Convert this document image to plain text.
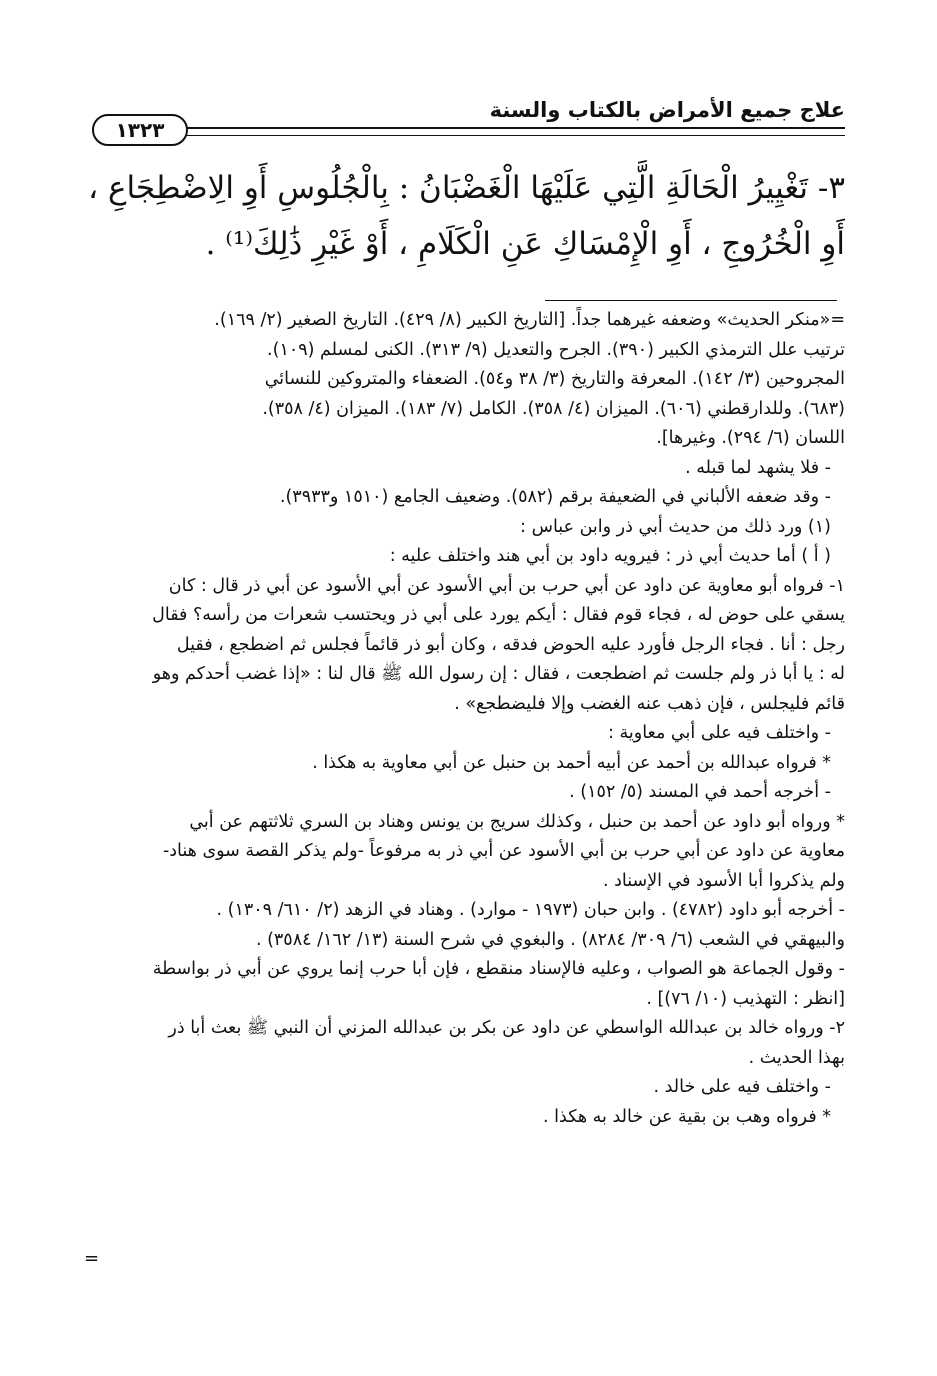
علاج جميع الأمراض بالكتاب والسنة
١٣٢٣
٣- تَغْيِيرُ الْحَالَةِ الَّتِي عَلَيْهَا الْغَضْبَانُ : بِالْجُلُوسِ أَوِ الِاضْطِجَاعِ ،
أَوِ الْخُرُوجِ ، أَوِ الْإِمْسَاكِ عَنِ الْكَلَامِ ، أَوْ غَيْرِ ذَٰلِكَ⁽¹⁾ .
=«منكر الحديث» وضعفه غيرهما جداً. [التاريخ الكبير (٨/ ٤٢٩). التاريخ الصغير (٢/ ١٦٩).
ترتيب علل الترمذي الكبير (٣٩٠). الجرح والتعديل (٩/ ٣١٣). الكنى لمسلم (١٠٩).
المجروحين (٣/ ١٤٢). المعرفة والتاريخ (٣/ ٣٨ و٥٤). الضعفاء والمتروكين للنسائي
(٦٨٣). وللدارقطني (٦٠٦). الميزان (٤/ ٣٥٨). الكامل (٧/ ١٨٣). الميزان (٤/ ٣٥٨).
اللسان (٦/ ٢٩٤). وغيرها].
- فلا يشهد لما قبله .
- وقد ضعفه الألباني في الضعيفة برقم (٥٨٢). وضعيف الجامع (١٥١٠ و٣٩٣٣).
(١) ورد ذلك من حديث أبي ذر وابن عباس :
( أ ) أما حديث أبي ذر : فيرويه داود بن أبي هند واختلف عليه :
١- فرواه أبو معاوية عن داود عن أبي حرب بن أبي الأسود عن أبي الأسود عن أبي ذر قال : كان
يسقي على حوض له ، فجاء قوم فقال : أيكم يورد على أبي ذر ويحتسب شعرات من رأسه؟ فقال
رجل : أنا . فجاء الرجل فأورد عليه الحوض فدقه ، وكان أبو ذر قائماً فجلس ثم اضطجع ، فقيل
له : يا أبا ذر ولم جلست ثم اضطجعت ، فقال : إن رسول الله ﷺ قال لنا : «إذا غضب أحدكم وهو
قائم فليجلس ، فإن ذهب عنه الغضب وإلا فليضطجع» .
- واختلف فيه على أبي معاوية :
* فرواه عبدالله بن أحمد عن أبيه أحمد بن حنبل عن أبي معاوية به هكذا .
- أخرجه أحمد في المسند (٥/ ١٥٢) .
* ورواه أبو داود عن أحمد بن حنبل ، وكذلك سريج بن يونس وهناد بن السري ثلاثتهم عن أبي
معاوية عن داود عن أبي حرب بن أبي الأسود عن أبي ذر به مرفوعاً -ولم يذكر القصة سوى هناد-
ولم يذكروا أبا الأسود في الإسناد .
- أخرجه أبو داود (٤٧٨٢) . وابن حبان (١٩٧٣ - موارد) . وهناد في الزهد (٢/ ٦١٠/ ١٣٠٩) .
والبيهقي في الشعب (٦/ ٣٠٩/ ٨٢٨٤) . والبغوي في شرح السنة (١٣/ ١٦٢/ ٣٥٨٤) .
- وقول الجماعة هو الصواب ، وعليه فالإسناد منقطع ، فإن أبا حرب إنما يروي عن أبي ذر بواسطة
[انظر : التهذيب (١٠/ ٧٦)] .
٢- ورواه خالد بن عبدالله الواسطي عن داود عن بكر بن عبدالله المزني أن النبي ﷺ بعث أبا ذر
بهذا الحديث .
- واختلف فيه على خالد .
* فرواه وهب بن بقية عن خالد به هكذا .
=
